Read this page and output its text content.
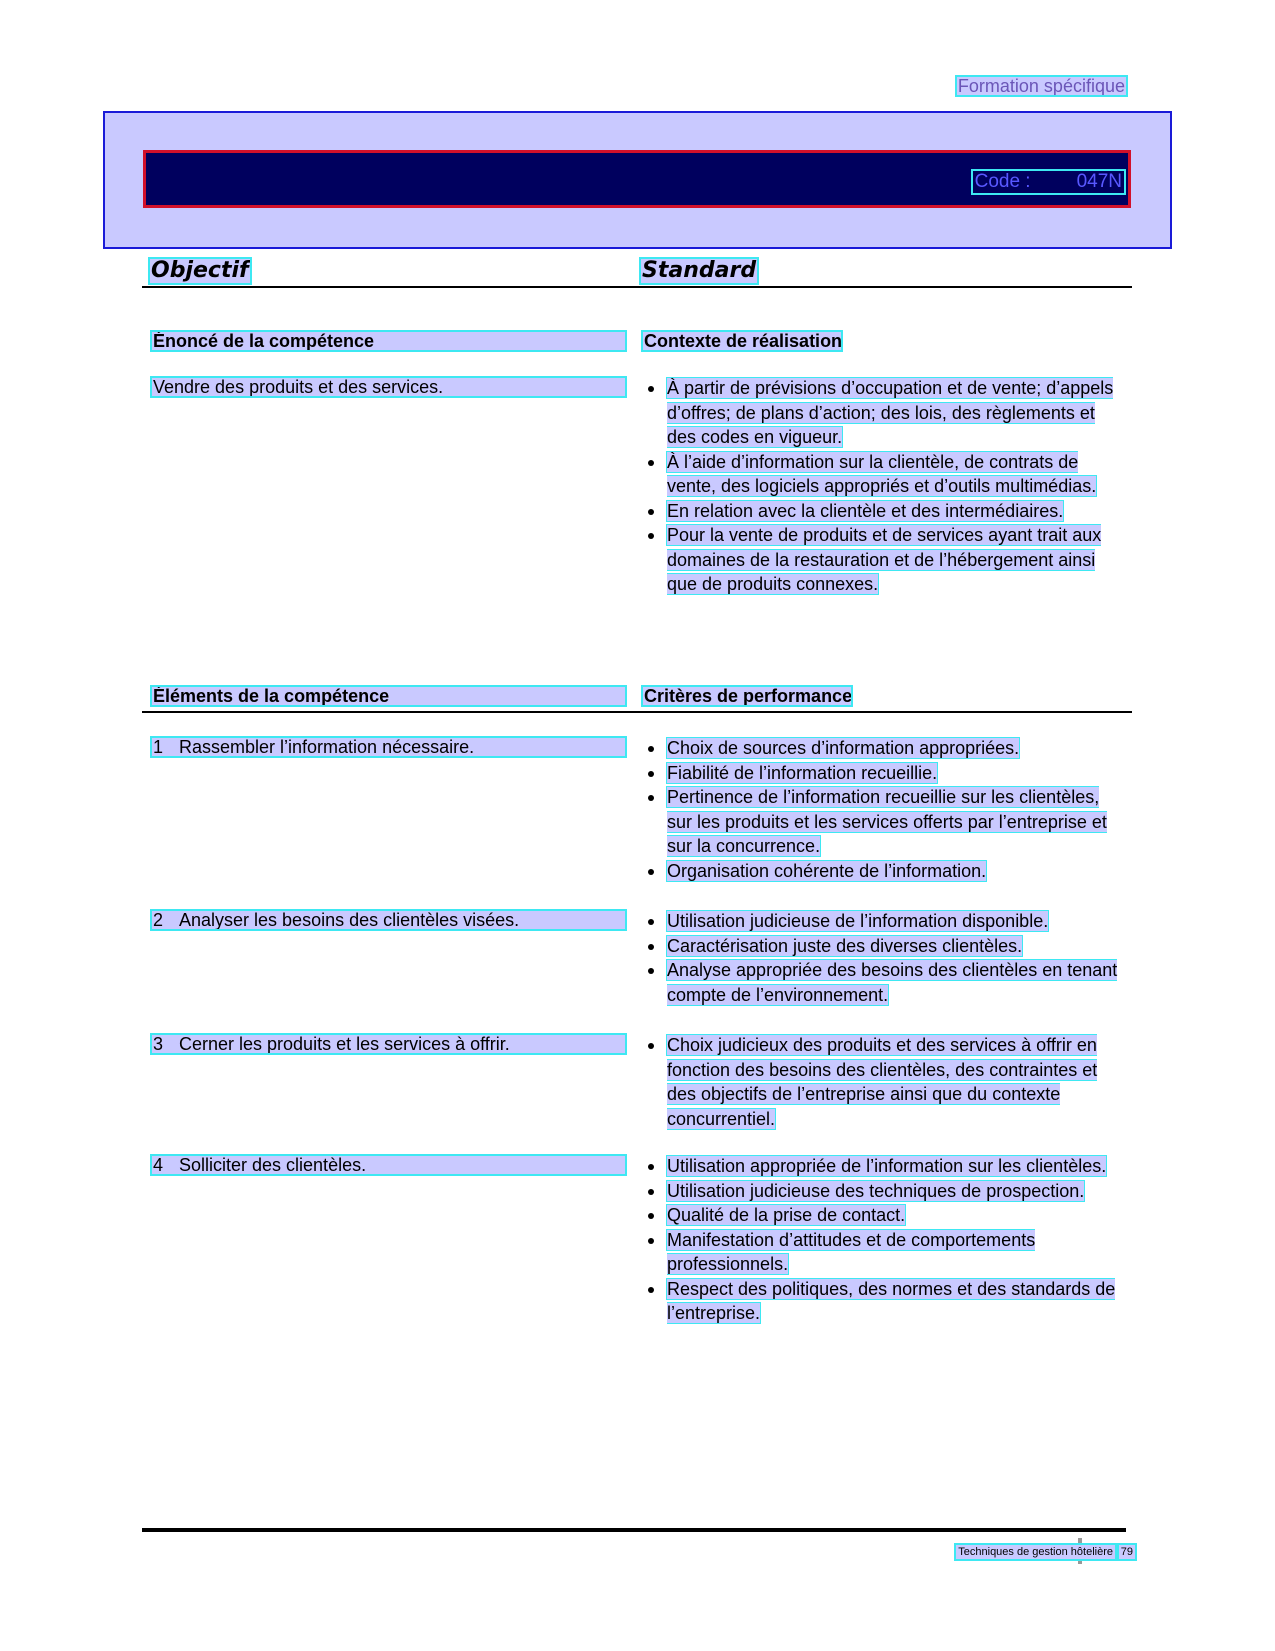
Formation spécifique
Code : 047N
Objectif	Standard
Énoncé de la compétence	Contexte de réalisation
Vendre des produits et des services.	À partir de prévisions d’occupation et de vente; d’appels d’offres; de plans d’action; des lois, des règlements et des codes en vigueur.
À l’aide d’information sur la clientèle, de contrats de vente, des logiciels appropriés et d’outils multimédias.
En relation avec la clientèle et des intermédiaires.
Pour la vente de produits et de services ayant trait aux domaines de la restauration et de l’hébergement ainsi que de produits connexes.
Éléments de la compétence	Critères de performance
1 Rassembler l’information nécessaire.	Choix de sources d’information appropriées.
Fiabilité de l’information recueillie.
Pertinence de l’information recueillie sur les clientèles, sur les produits et les services offerts par l’entreprise et sur la concurrence.
Organisation cohérente de l’information.
2 Analyser les besoins des clientèles visées.	Utilisation judicieuse de l’information disponible.
Caractérisation juste des diverses clientèles.
Analyse appropriée des besoins des clientèles en tenant compte de l’environnement.
3 Cerner les produits et les services à offrir.	Choix judicieux des produits et des services à offrir en fonction des besoins des clientèles, des contraintes et des objectifs de l’entreprise ainsi que du contexte concurrentiel.
4 Solliciter des clientèles.	Utilisation appropriée de l’information sur les clientèles.
Utilisation judicieuse des techniques de prospection.
Qualité de la prise de contact.
Manifestation d’attitudes et de comportements professionnels.
Respect des politiques, des normes et des standards de l’entreprise.
Techniques de gestion hôtelière 79
